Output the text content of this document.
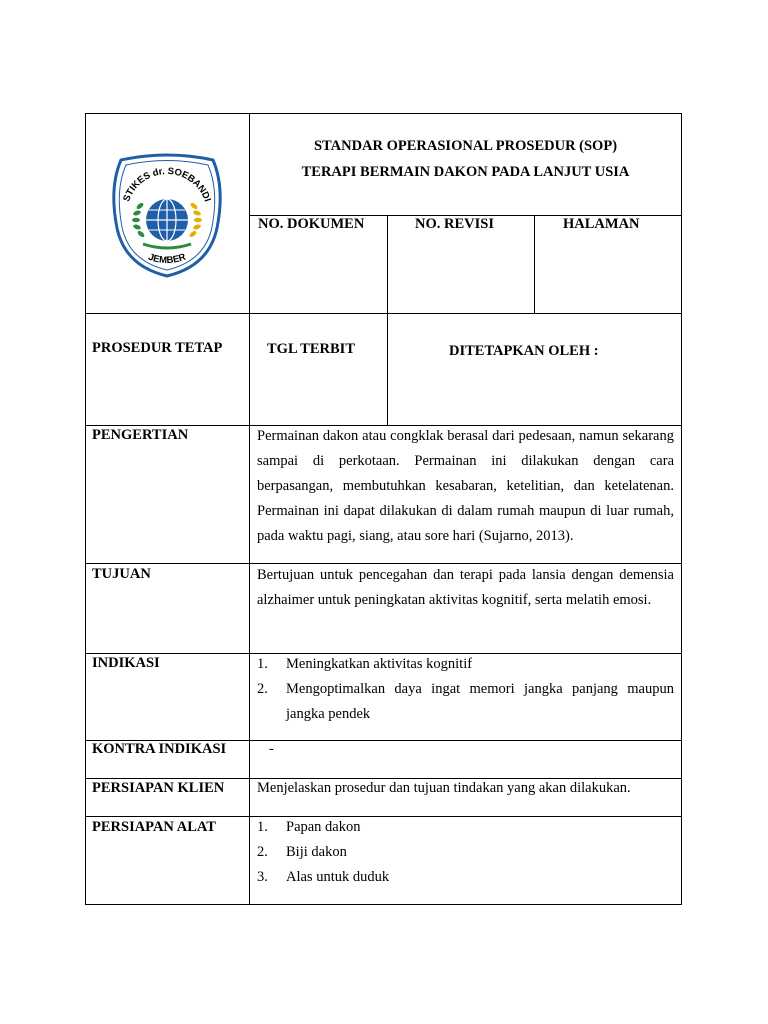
STIKES dr. SOEBANDI
JEMBER
STANDAR OPERASIONAL PROSEDUR (SOP)
TERAPI BERMAIN DAKON PADA LANJUT USIA
NO. DOKUMEN	NO. REVISI	HALAMAN
PROSEDUR TETAP	TGL TERBIT	DITETAPKAN OLEH :
PENGERTIAN	Permainan dakon atau congklak berasal dari pedesaan, namun sekarang sampai di perkotaan. Permainan ini dilakukan dengan cara berpasangan, membutuhkan kesabaran, ketelitian, dan ketelatenan. Permainan ini dapat dilakukan di dalam rumah maupun di luar rumah, pada waktu pagi, siang, atau sore hari (Sujarno, 2013).
TUJUAN	Bertujuan untuk pencegahan dan terapi pada lansia dengan demensia alzhaimer untuk peningkatan aktivitas kognitif, serta melatih emosi.
INDIKASI	1. Meningkatkan aktivitas kognitif
2. Mengoptimalkan daya ingat memori jangka panjang maupun jangka pendek
KONTRA INDIKASI	-
PERSIAPAN KLIEN Menjelaskan prosedur dan tujuan tindakan yang akan dilakukan.
PERSIAPAN ALAT	1. Papan dakon
2. Biji dakon
3. Alas untuk duduk
